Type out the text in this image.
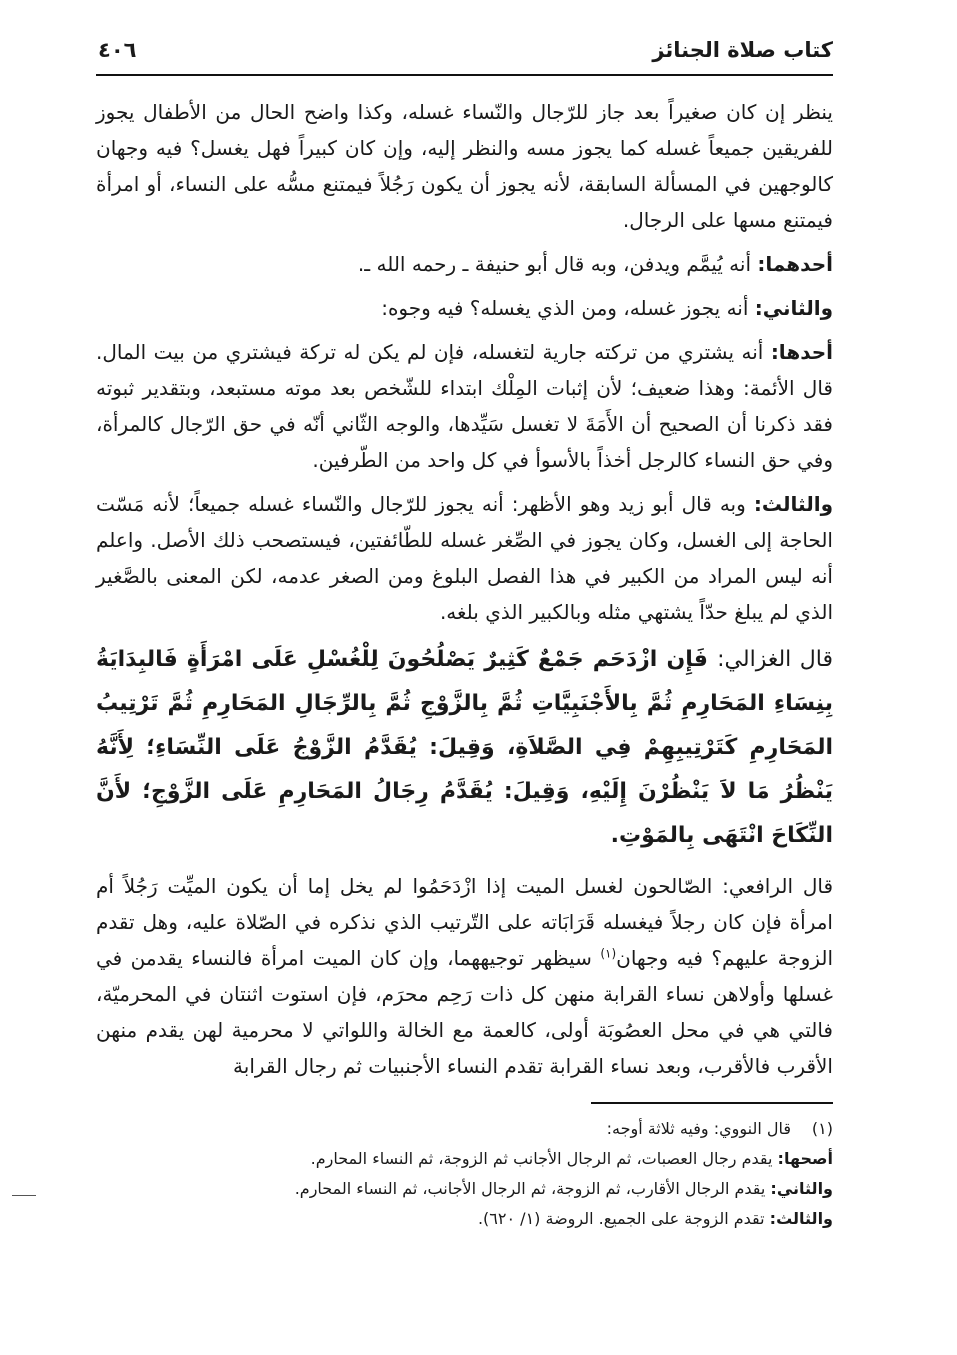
كتاب صلاة الجنائز
٤٠٦

ينظر إن كان صغيراً بعد جاز للرّجال والنّساء غسله، وكذا واضح الحال من الأطفال يجوز للفريقين جميعاً غسله كما يجوز مسه والنظر إليه، وإن كان كبيراً فهل يغسل؟ فيه وجهان كالوجهين في المسألة السابقة، لأنه يجوز أن يكون رَجُلاً فيمتنع مسُّه على النساء، أو امرأة فيمتنع مسها على الرجال.

أحدهما: أنه يُيمَّم ويدفن، وبه قال أبو حنيفة ـ رحمه الله ـ.

والثاني: أنه يجوز غسله، ومن الذي يغسله؟ فيه وجوه:

أحدها: أنه يشتري من تركته جارية لتغسله، فإن لم يكن له تركة فيشتري من بيت المال. قال الأئمة: وهذا ضعيف؛ لأن إثبات المِلْك ابتداء للشّخص بعد موته مستبعد، وبتقدير ثبوته فقد ذكرنا أن الصحيح أن الأَمَةَ لا تغسل سَيِّدها، والوجه الثّاني أنّه في حق الرّجال كالمرأة، وفي حق النساء كالرجل أخذاً بالأسوأ في كل واحد من الطّرفين.

والثالث: وبه قال أبو زيد وهو الأظهر: أنه يجوز للرّجال والنّساء غسله جميعاً؛ لأنه مَسّت الحاجة إلى الغسل، وكان يجوز في الصِّغر غسله للطّائفتين، فيستصحب ذلك الأصل. واعلم أنه ليس المراد من الكبير في هذا الفصل البلوغ ومن الصغر عدمه، لكن المعنى بالصَّغير الذي لم يبلغ حدّاً يشتهي مثله وبالكبير الذي بلغه.

قال الغزالي: فَإِن ازْدَحَم جَمْعٌ كَثِيرٌ يَصْلُحُونَ لِلْغُسْلِ عَلَى امْرَأَةٍ فَالبِدَايَةُ بِنِسَاءِ المَحَارِمِ ثُمَّ بِالأَجْنَبِيَّاتِ ثُمَّ بِالزَّوْجِ ثُمَّ بِالرِّجَالِ المَحَارِمِ ثُمَّ تَرْتِيبُ المَحَارِمِ كَتَرْتِيبِهِمْ فِي الصَّلاَةِ، وَقِيلَ: يُقَدَّمُ الزَّوْجُ عَلَى النِّسَاءِ؛ لِأَنَّهُ يَنْظُرُ مَا لاَ يَنْظُرْنَ إِلَيْهِ، وَقِيلَ: يُقَدَّمُ رِجَالُ المَحَارِمِ عَلَى الزَّوْجِ؛ لأَنَّ النِّكَاحَ انْتَهَى بِالمَوْتِ.

قال الرافعي: الصّالحون لغسل الميت إذا ازْدَحَمُوا لم يخل إما أن يكون الميِّت رَجُلاً أم امرأة فإن كان رجلاً فيغسله قَرَابَاته على التّرتيب الذي نذكره في الصّلاة عليه، وهل تقدم الزوجة عليهم؟ فيه وجهان$^{(١)}$ سيظهر توجيههما، وإن كان الميت امرأة فالنساء يقدمن في غسلها وأولاهن نساء القرابة منهن كل ذات رَحِم محرَم، فإن استوت اثنتان في المحرميّة، فالتي هي في محل العصُوبَة أولى، كالعمة مع الخالة واللواتي لا محرمية لهن يقدم منهن الأقرب فالأقرب، وبعد نساء القرابة تقدم النساء الأجنبيات ثم رجال القرابة

(١)
قال النووي: وفيه ثلاثة أوجه:
أصحها: يقدم رجال العصبات، ثم الرجال الأجانب ثم الزوجة، ثم النساء المحارم.
والثاني: يقدم الرجال الأقارب، ثم الزوجة، ثم الرجال الأجانب، ثم النساء المحارم.
والثالث: تقدم الزوجة على الجميع. الروضة (١/ ٦٢٠).
